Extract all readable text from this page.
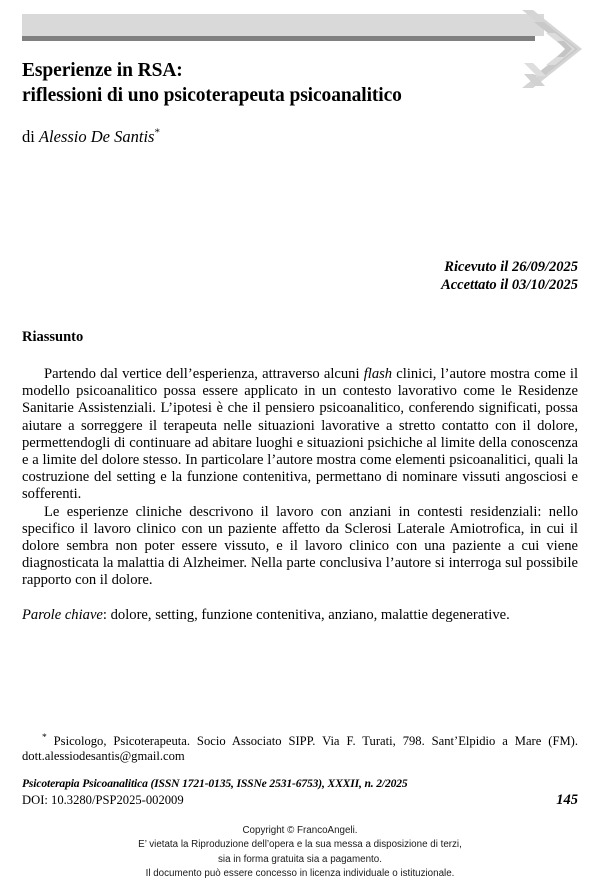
Esperienze in RSA:
riflessioni di uno psicoterapeuta psicoanalitico
di Alessio De Santis*
Ricevuto il 26/09/2025
Accettato il 03/10/2025
Riassunto

Partendo dal vertice dell’esperienza, attraverso alcuni flash clinici, l’autore mostra come il modello psicoanalitico possa essere applicato in un contesto lavorativo come le Residenze Sanitarie Assistenziali. L’ipotesi è che il pensiero psicoanalitico, conferendo significati, possa aiutare a sorreggere il terapeuta nelle situazioni lavorative a stretto contatto con il dolore, permettendogli di continuare ad abitare luoghi e situazioni psichiche al limite della conoscenza e a limite del dolore stesso. In particolare l’autore mostra come elementi psicoanalitici, quali la costruzione del setting e la funzione contenitiva, permettano di nominare vissuti angosciosi e sofferenti.

Le esperienze cliniche descrivono il lavoro con anziani in contesti residenziali: nello specifico il lavoro clinico con un paziente affetto da Sclerosi Laterale Amiotrofica, in cui il dolore sembra non poter essere vissuto, e il lavoro clinico con una paziente a cui viene diagnosticata la malattia di Alzheimer. Nella parte conclusiva l’autore si interroga sul possibile rapporto con il dolore.

Parole chiave: dolore, setting, funzione contenitiva, anziano, malattie degenerative.

* Psicologo, Psicoterapeuta. Socio Associato SIPP. Via F. Turati, 798. Sant’Elpidio a Mare (FM). dott.alessiodesantis@gmail.com

Psicoterapia Psicoanalitica (ISSN 1721-0135, ISSNe 2531-6753), XXXII, n. 2/2025
DOI: 10.3280/PSP2025-002009	145
Copyright © FrancoAngeli.
E’ vietata la Riproduzione dell’opera e la sua messa a disposizione di terzi,
sia in forma gratuita sia a pagamento.
Il documento può essere concesso in licenza individuale o istituzionale.
